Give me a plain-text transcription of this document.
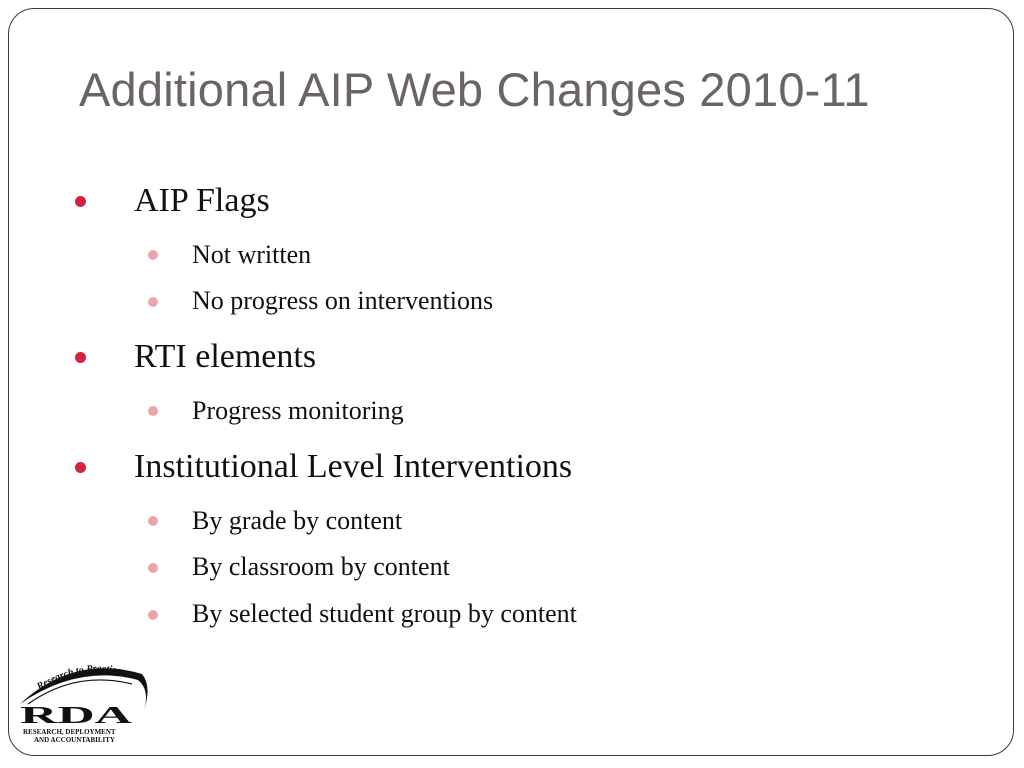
Additional AIP Web Changes 2010-11
AIP Flags
Not written
No progress on interventions
RTI elements
Progress monitoring
Institutional Level Interventions
By grade by content
By classroom by content
By selected student group by content
Research to Practice
RDA
RESEARCH, DEPLOYMENT
AND ACCOUNTABILITY
